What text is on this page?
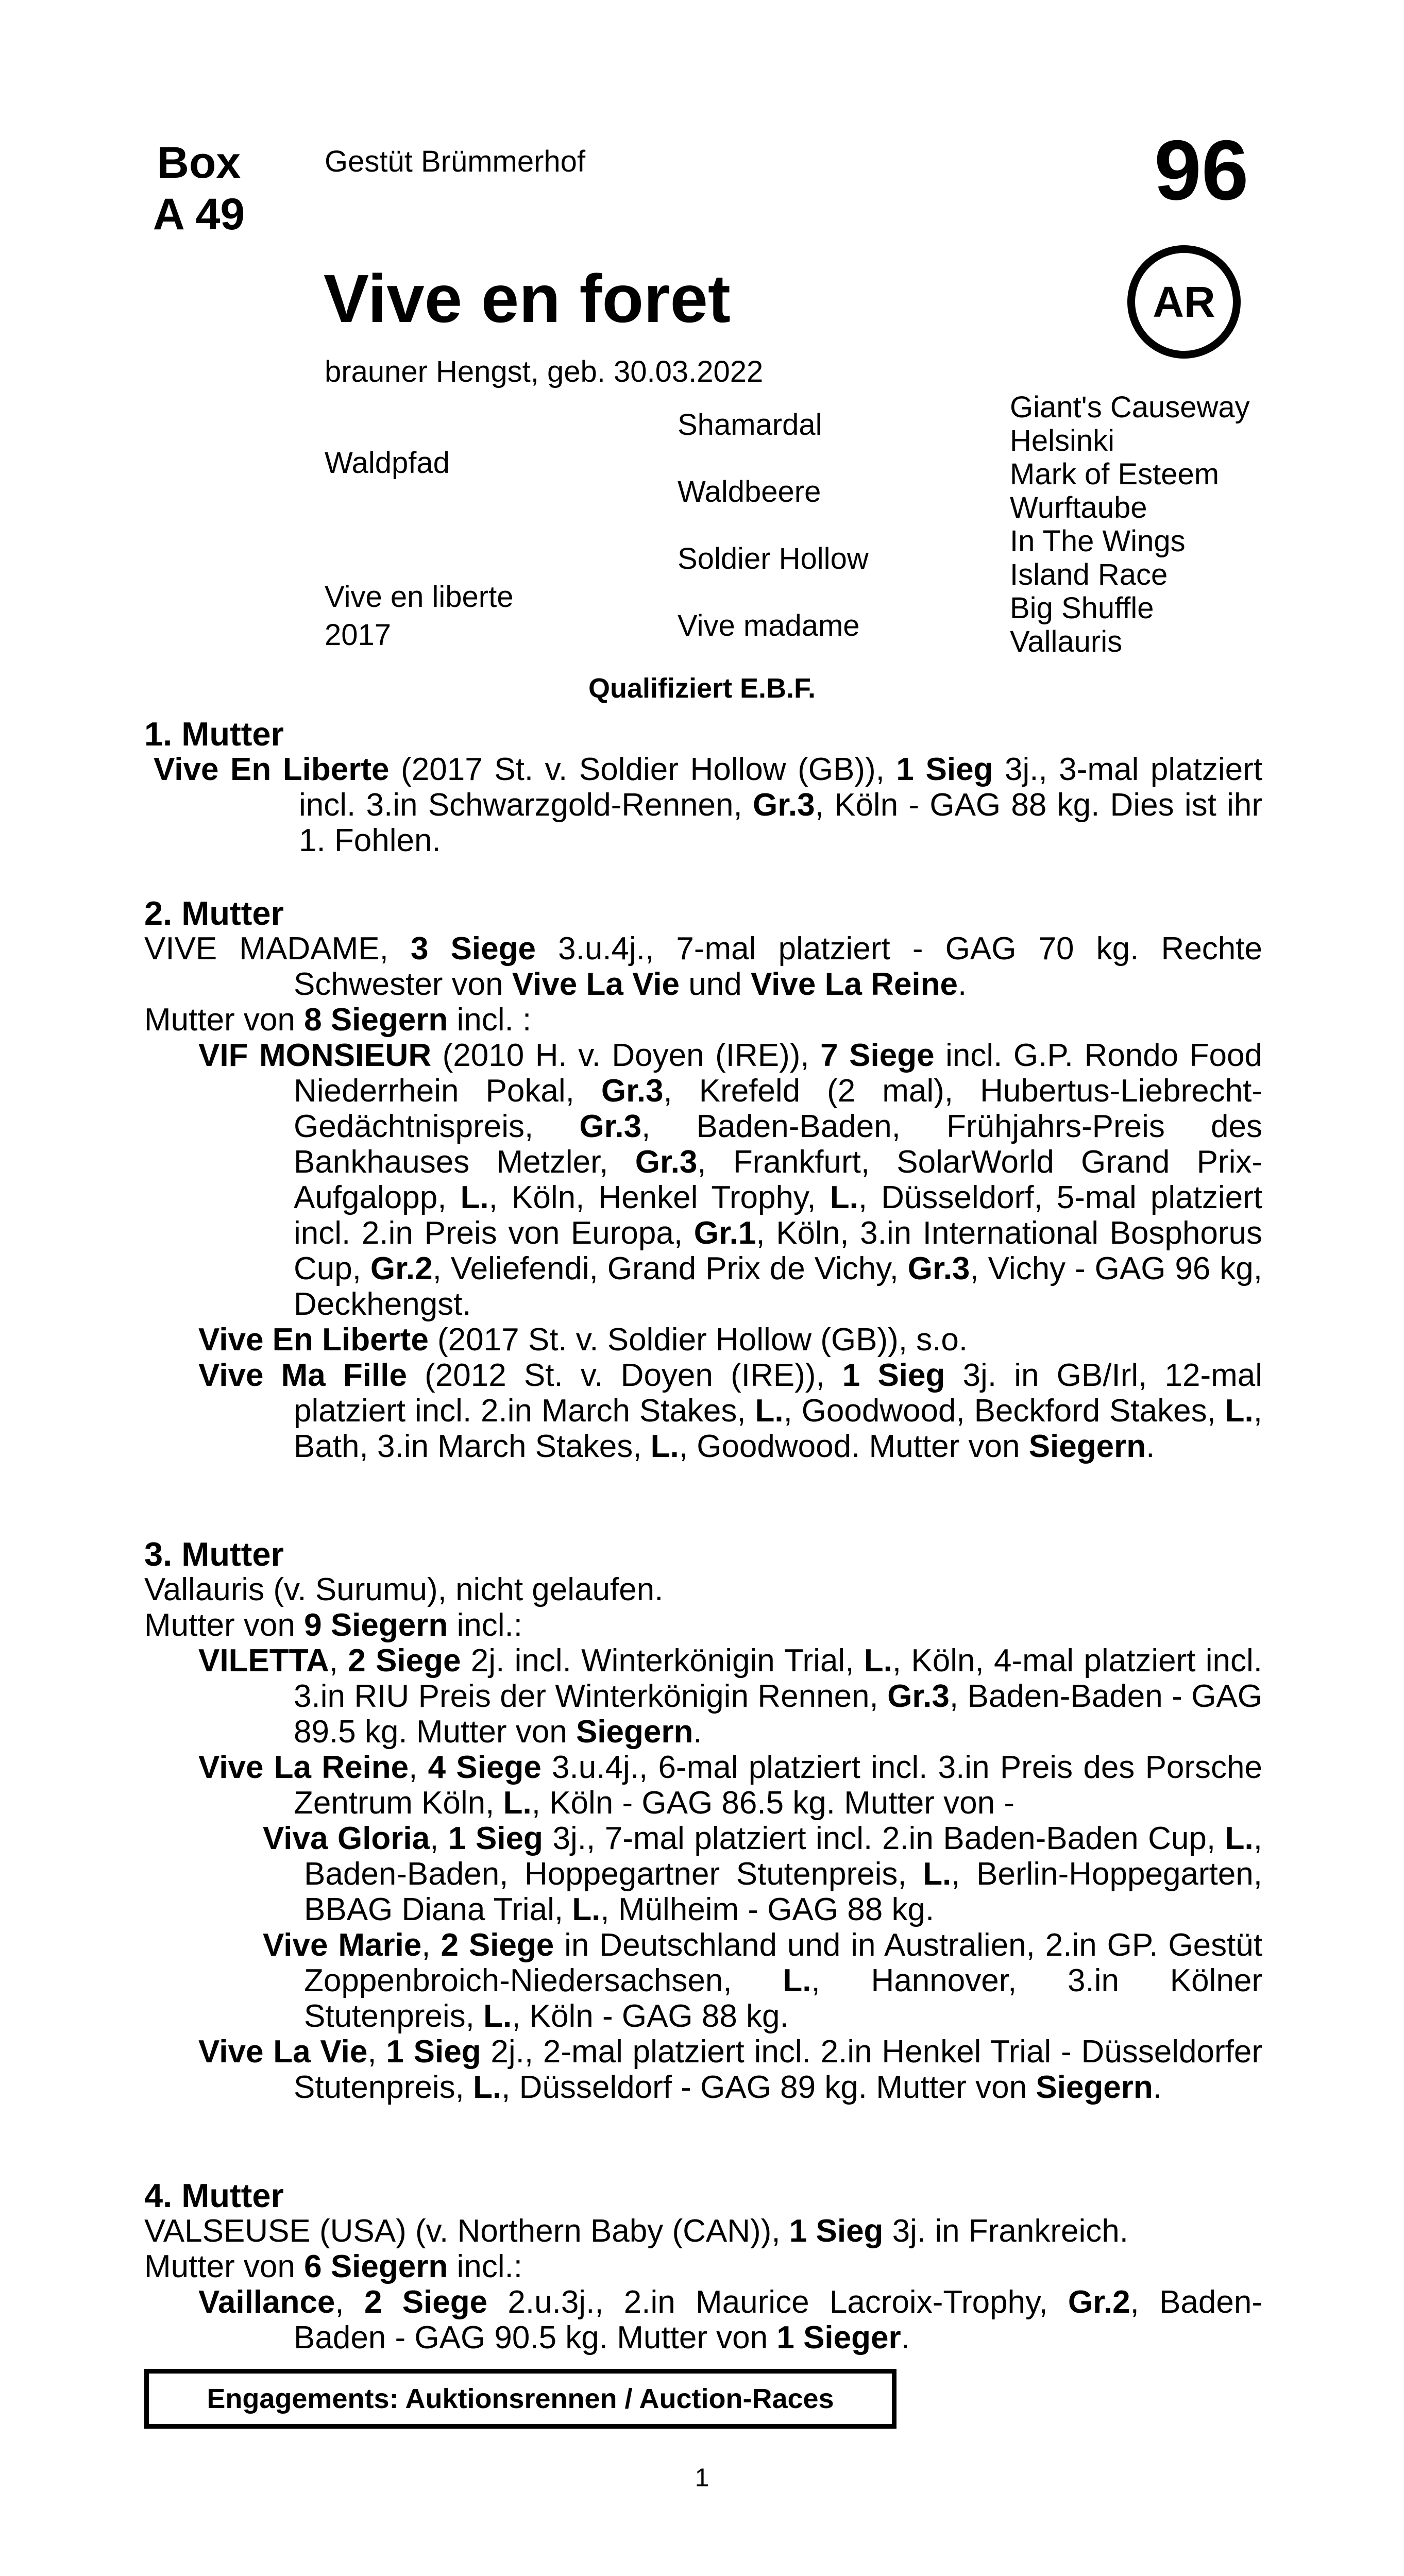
Box
A 49
Gestüt Brümmerhof	96
Vive en foret	AR
brauner Hengst, geb. 30.03.2022
Waldpfad
Vive en liberte
2017
Shamardal
Waldbeere
Soldier Hollow
Vive madame
Giant's Causeway
Helsinki
Mark of Esteem
Wurftaube
In The Wings
Island Race
Big Shuffle
Vallauris
Qualifiziert E.B.F.

1. Mutter

Vive En Liberte (2017 St. v. Soldier Hollow (GB)), 1 Sieg 3j., 3-mal platziert incl. 3.in Schwarzgold-Rennen, Gr.3, Köln - GAG 88 kg. Dies ist ihr 1. Fohlen.

2. Mutter

VIVE MADAME, 3 Siege 3.u.4j., 7-mal platziert - GAG 70 kg. Rechte Schwester von Vive La Vie und Vive La Reine.

Mutter von 8 Siegern incl. :

VIF MONSIEUR (2010 H. v. Doyen (IRE)), 7 Siege incl. G.P. Rondo Food Niederrhein Pokal, Gr.3, Krefeld (2 mal), Hubertus-Liebrecht-Gedächtnispreis, Gr.3, Baden-Baden, Frühjahrs-Preis des Bankhauses Metzler, Gr.3, Frankfurt, SolarWorld Grand Prix-Aufgalopp, L., Köln, Henkel Trophy, L., Düsseldorf, 5-mal platziert incl. 2.in Preis von Europa, Gr.1, Köln, 3.in International Bosphorus Cup, Gr.2, Veliefendi, Grand Prix de Vichy, Gr.3, Vichy - GAG 96 kg, Deckhengst.

Vive En Liberte (2017 St. v. Soldier Hollow (GB)), s.o.

Vive Ma Fille (2012 St. v. Doyen (IRE)), 1 Sieg 3j. in GB/Irl, 12-mal platziert incl. 2.in March Stakes, L., Goodwood, Beckford Stakes, L., Bath, 3.in March Stakes, L., Goodwood. Mutter von Siegern.

3. Mutter

Vallauris (v. Surumu), nicht gelaufen.

Mutter von 9 Siegern incl.:

VILETTA, 2 Siege 2j. incl. Winterkönigin Trial, L., Köln, 4-mal platziert incl. 3.in RIU Preis der Winterkönigin Rennen, Gr.3, Baden-Baden - GAG 89.5 kg. Mutter von Siegern.

Vive La Reine, 4 Siege 3.u.4j., 6-mal platziert incl. 3.in Preis des Porsche Zentrum Köln, L., Köln - GAG 86.5 kg. Mutter von -

Viva Gloria, 1 Sieg 3j., 7-mal platziert incl. 2.in Baden-Baden Cup, L., Baden-Baden, Hoppegartner Stutenpreis, L., Berlin-Hoppegarten, BBAG Diana Trial, L., Mülheim - GAG 88 kg.

Vive Marie, 2 Siege in Deutschland und in Australien, 2.in GP. Gestüt Zoppenbroich-Niedersachsen, L., Hannover, 3.in Kölner Stutenpreis, L., Köln - GAG 88 kg.

Vive La Vie, 1 Sieg 2j., 2-mal platziert incl. 2.in Henkel Trial - Düsseldorfer Stutenpreis, L., Düsseldorf - GAG 89 kg. Mutter von Siegern.

4. Mutter

VALSEUSE (USA) (v. Northern Baby (CAN)), 1 Sieg 3j. in Frankreich.

Mutter von 6 Siegern incl.:

Vaillance, 2 Siege 2.u.3j., 2.in Maurice Lacroix-Trophy, Gr.2, Baden-Baden - GAG 90.5 kg. Mutter von 1 Sieger.

Engagements: Auktionsrennen / Auction-Races
1
